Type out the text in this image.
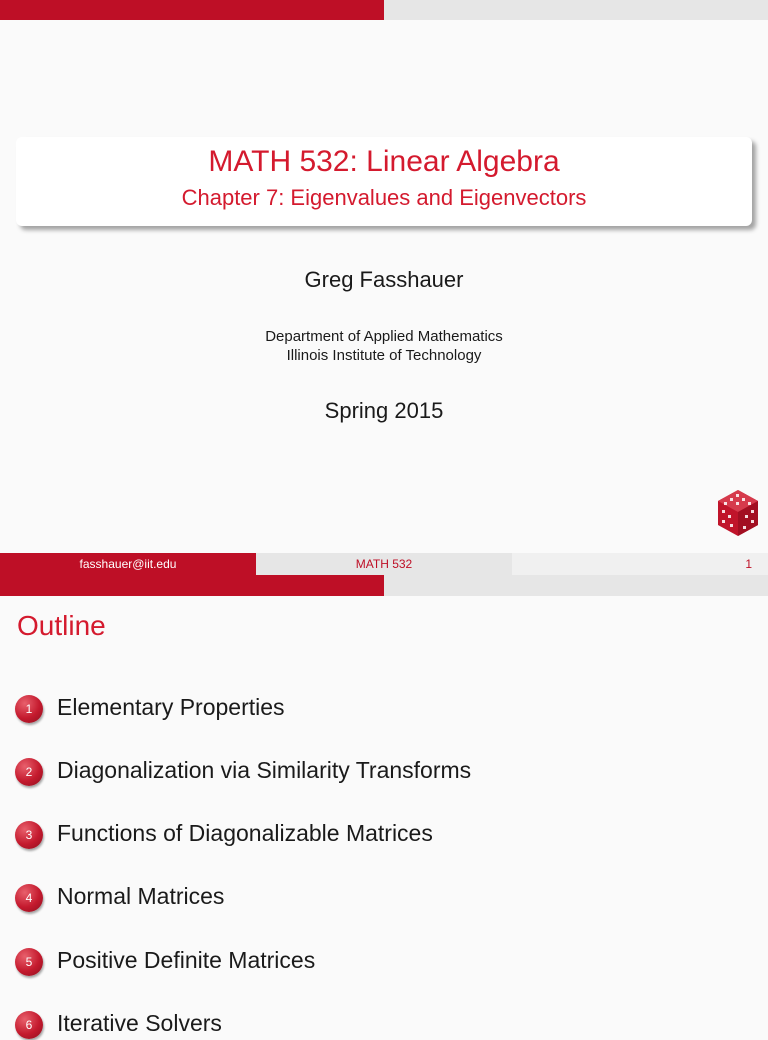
MATH 532: Linear Algebra
Chapter 7: Eigenvalues and Eigenvectors
Greg Fasshauer
Department of Applied Mathematics
Illinois Institute of Technology
Spring 2015
fasshauer@iit.edu	MATH 532	1
Outline
1	Elementary Properties
2	Diagonalization via Similarity Transforms
3	Functions of Diagonalizable Matrices
4	Normal Matrices
5	Positive Definite Matrices
6	Iterative Solvers
